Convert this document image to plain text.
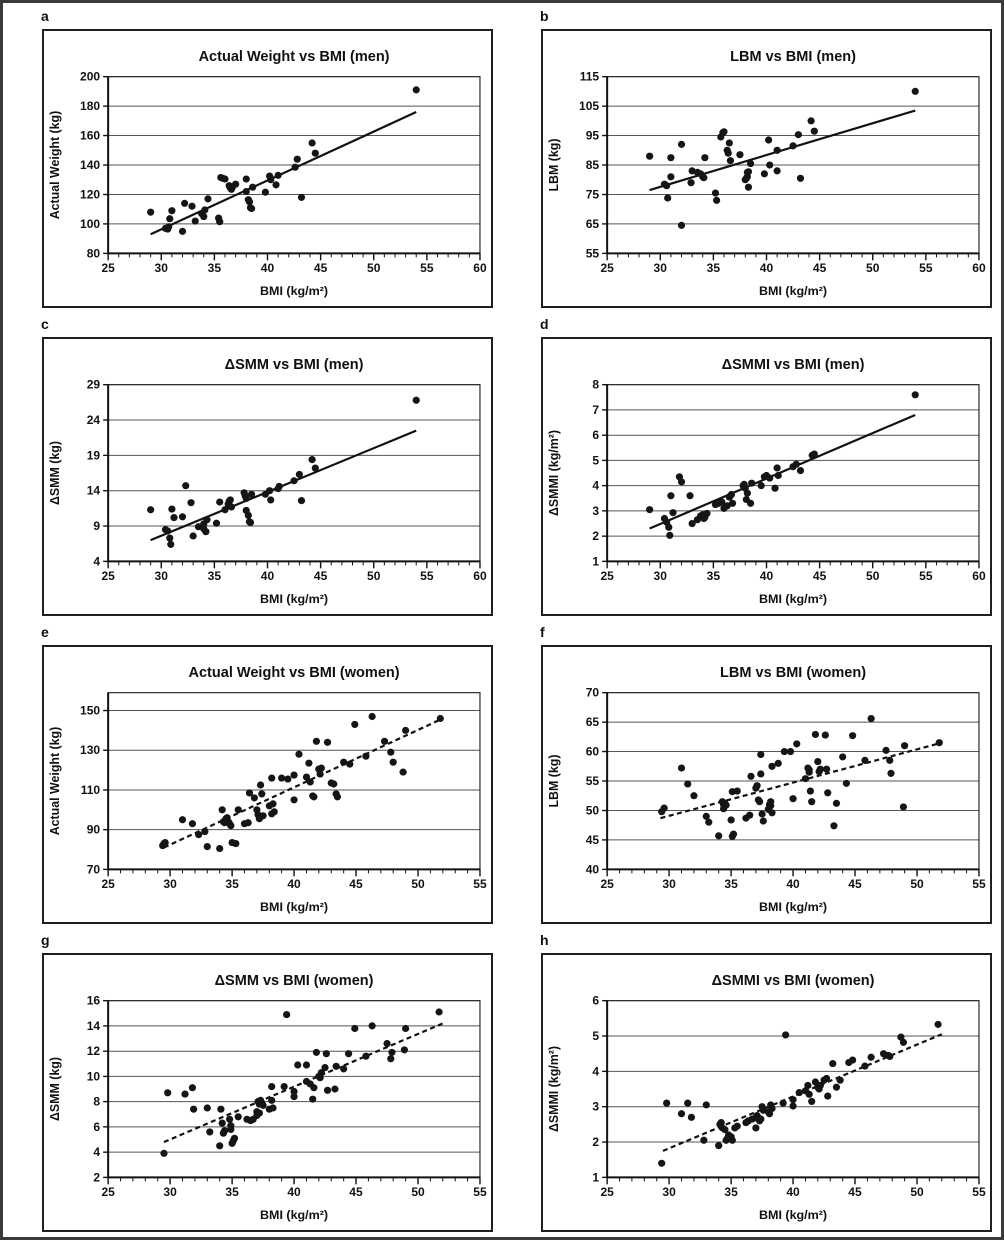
a
25	30	35	40	45	50	55	60
80
100
120
140
160
180
200
Actual Weight vs BMI (men)
BMI (kg/m²)
Actual Weight (kg)
b
25	30	35	40	45	50	55	60
55
65
75
85
95
105
115
LBM vs BMI (men)
BMI (kg/m²)
LBM (kg)
c
25	30	35	40	45	50	55	60
4
9
14
19
24
29
ΔSMM vs BMI (men)
BMI (kg/m²)
ΔSMM (kg)
d
25	30	35	40	45	50	55	60
1
2
3
4
5
6
7
8
ΔSMMI vs BMI (men)
BMI (kg/m²)
ΔSMMI (kg/m²)
e
25	30	35	40	45	50	55
70
90
110
130
150
Actual Weight vs BMI (women)
BMI (kg/m²)
Actual Weight (kg)
f
25	30	35	40	45	50	55
40
45
50
55
60
65
70
LBM vs BMI (women)
BMI (kg/m²)
LBM (kg)
g
25	30	35	40	45	50	55
2
4
6
8
10
12
14
16
ΔSMM vs BMI (women)
BMI (kg/m²)
ΔSMM (kg)
h
25	30	35	40	45	50	55
1
2
3
4
5
6
ΔSMMI vs BMI (women)
BMI (kg/m²)
ΔSMMI (kg/m²)
